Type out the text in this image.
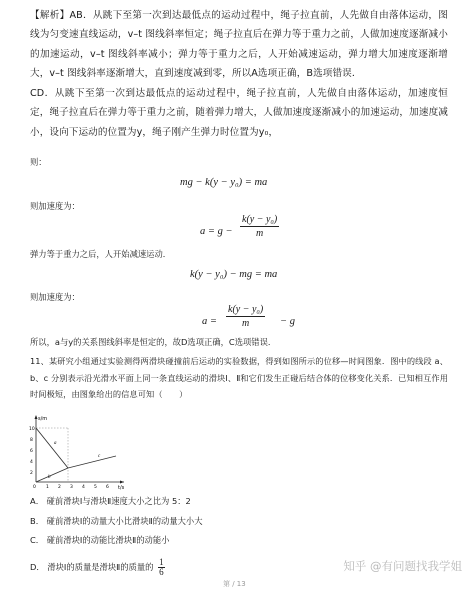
【解析】AB．从跳下至第一次到达最低点的运动过程中，绳子拉直前，人先做自由落体运动，图线为匀变速直线运动，v–t 图线斜率恒定；绳子拉直后在弹力等于重力之前，人做加速度逐渐减小的加速运动，v–t 图线斜率减小；弹力等于重力之后，人开始减速运动，弹力增大加速度逐渐增大，v–t 图线斜率逐渐增大，直到速度减到零，所以A选项正确，B选项错误．
CD．从跳下至第一次到达最低点的运动过程中，绳子拉直前，人先做自由落体运动，加速度恒定，绳子拉直后在弹力等于重力之前，随着弹力增大，人做加速度逐渐减小的加速运动，加速度减小，设向下运动的位置为y，绳子刚产生弹力时位置为y₀，
则：
mg − k(y − y₀) = ma
则加速度为：
$a = g - \frac{\text{k(y − y₀)}}{m}$
弹力等于重力之后，人开始减速运动．
k(y − y₀) − mg = ma
则加速度为：
$a = \frac{\text{k(y − y₀)}}{m} - g$
所以，a与y的关系图线斜率是恒定的，故D选项正确，C选项错误．
11、某研究小组通过实验测得两滑块碰撞前后运动的实验数据，得到如图所示的位移—时间图象．图中的线段 a、b、c 分别表示沿光滑水平面上同一条直线运动的滑块Ⅰ、Ⅱ和它们发生正碰后结合体的位移变化关系．已知相互作用时间极短，由图象给出的信息可知（　　）
s/m
t/s
10
8
6
4
2
0 1 2 3 4 5 6
a
b
c
A． 碰前滑块Ⅰ与滑块Ⅱ速度大小之比为 5：2
B． 碰前滑块Ⅰ的动量大小比滑块Ⅱ的动量大小大
C． 碰前滑块Ⅰ的动能比滑块Ⅱ的动能小
D． 滑块Ⅰ的质量是滑块Ⅱ的质量的 $\frac{1}{6}$	知乎 @有问题找我学姐
第 / 13
